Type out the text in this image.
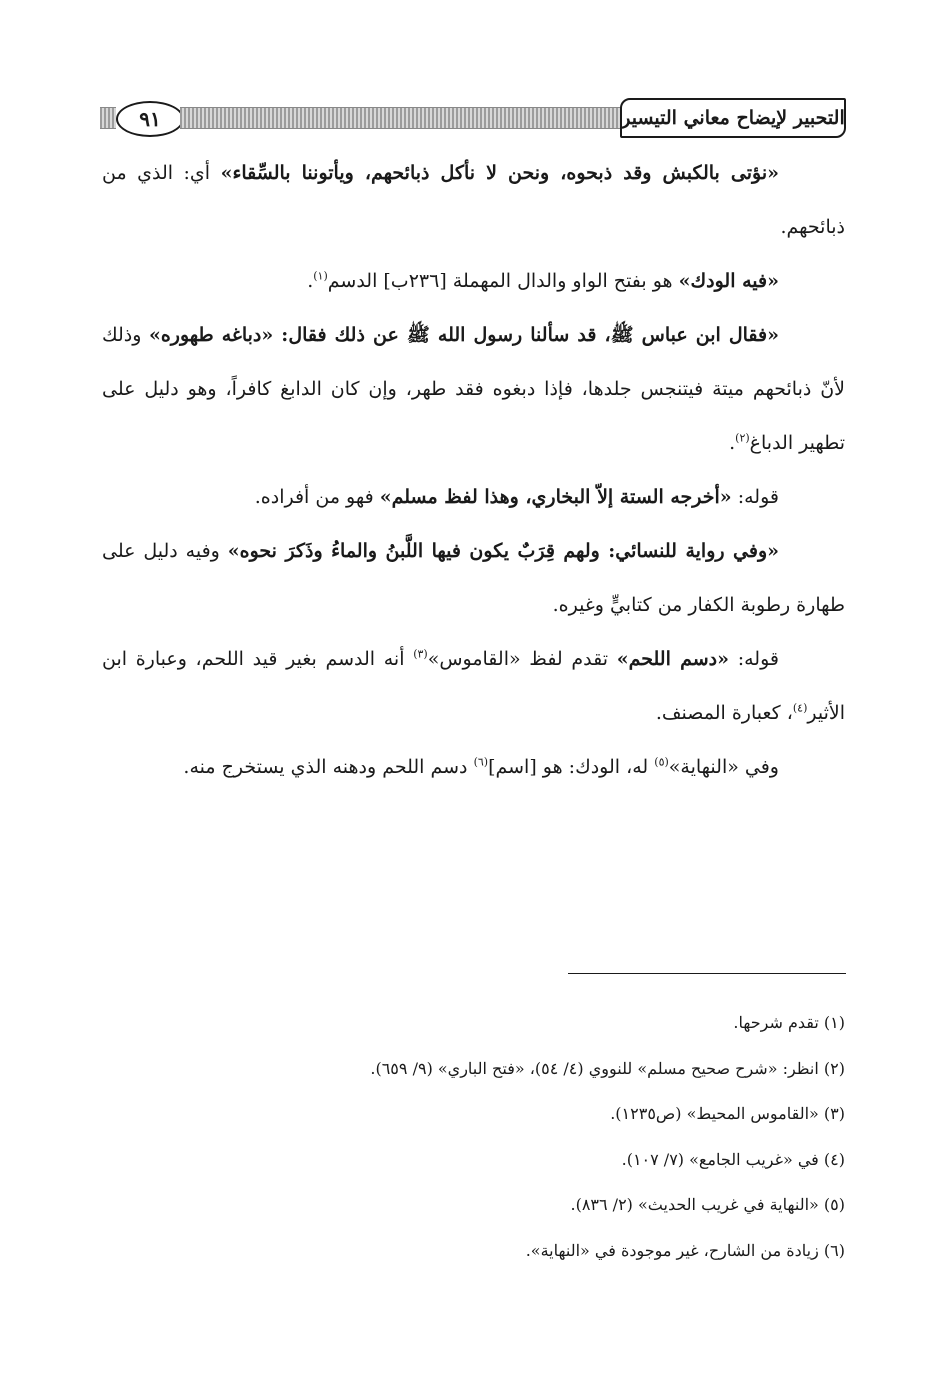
٩١	التحبير لإيضاح معاني التيسير

«نؤتى بالكبش وقد ذبحوه، ونحن لا نأكل ذبائحهم، ويأتوننا بالسِّقاء» أي: الذي من ذبائحهم.

«فيه الودك» هو بفتح الواو والدال المهملة [٢٣٦ب] الدسم$^{(١)}$.

«فقال ابن عباس ﷺ، قد سألنا رسول الله ﷺ عن ذلك فقال: «دباغه طهوره» وذلك لأنّ ذبائحهم ميتة فيتنجس جلدها، فإذا دبغوه فقد طهر، وإن كان الدابغ كافراً، وهو دليل على تطهير الدباغ$^{(٢)}$.

قوله: «أخرجه الستة إلاّ البخاري، وهذا لفظ مسلم» فهو من أفراده.

«وفي رواية للنسائي: ولهم قِرَبٌ يكون فيها اللَّبنُ والماءُ وذَكرَ نحوه» وفيه دليل على طهارة رطوبة الكفار من كتابيٍّ وغيره.

قوله: «دسم اللحم» تقدم لفظ «القاموس»$^{(٣)}$ أنه الدسم بغير قيد اللحم، وعبارة ابن الأثير$^{(٤)}$، كعبارة المصنف.

وفي «النهاية»$^{(٥)}$ له، الودك: هو [اسم]$^{(٦)}$ دسم اللحم ودهنه الذي يستخرج منه.

(١) تقدم شرحها.

(٢) انظر: «شرح صحيح مسلم» للنووي (٤/ ٥٤)، «فتح الباري» (٩/ ٦٥٩).

(٣) «القاموس المحيط» (ص١٢٣٥).

(٤) في «غريب الجامع» (٧/ ١٠٧).

(٥) «النهاية في غريب الحديث» (٢/ ٨٣٦).

(٦) زيادة من الشارح، غير موجودة في «النهاية».
